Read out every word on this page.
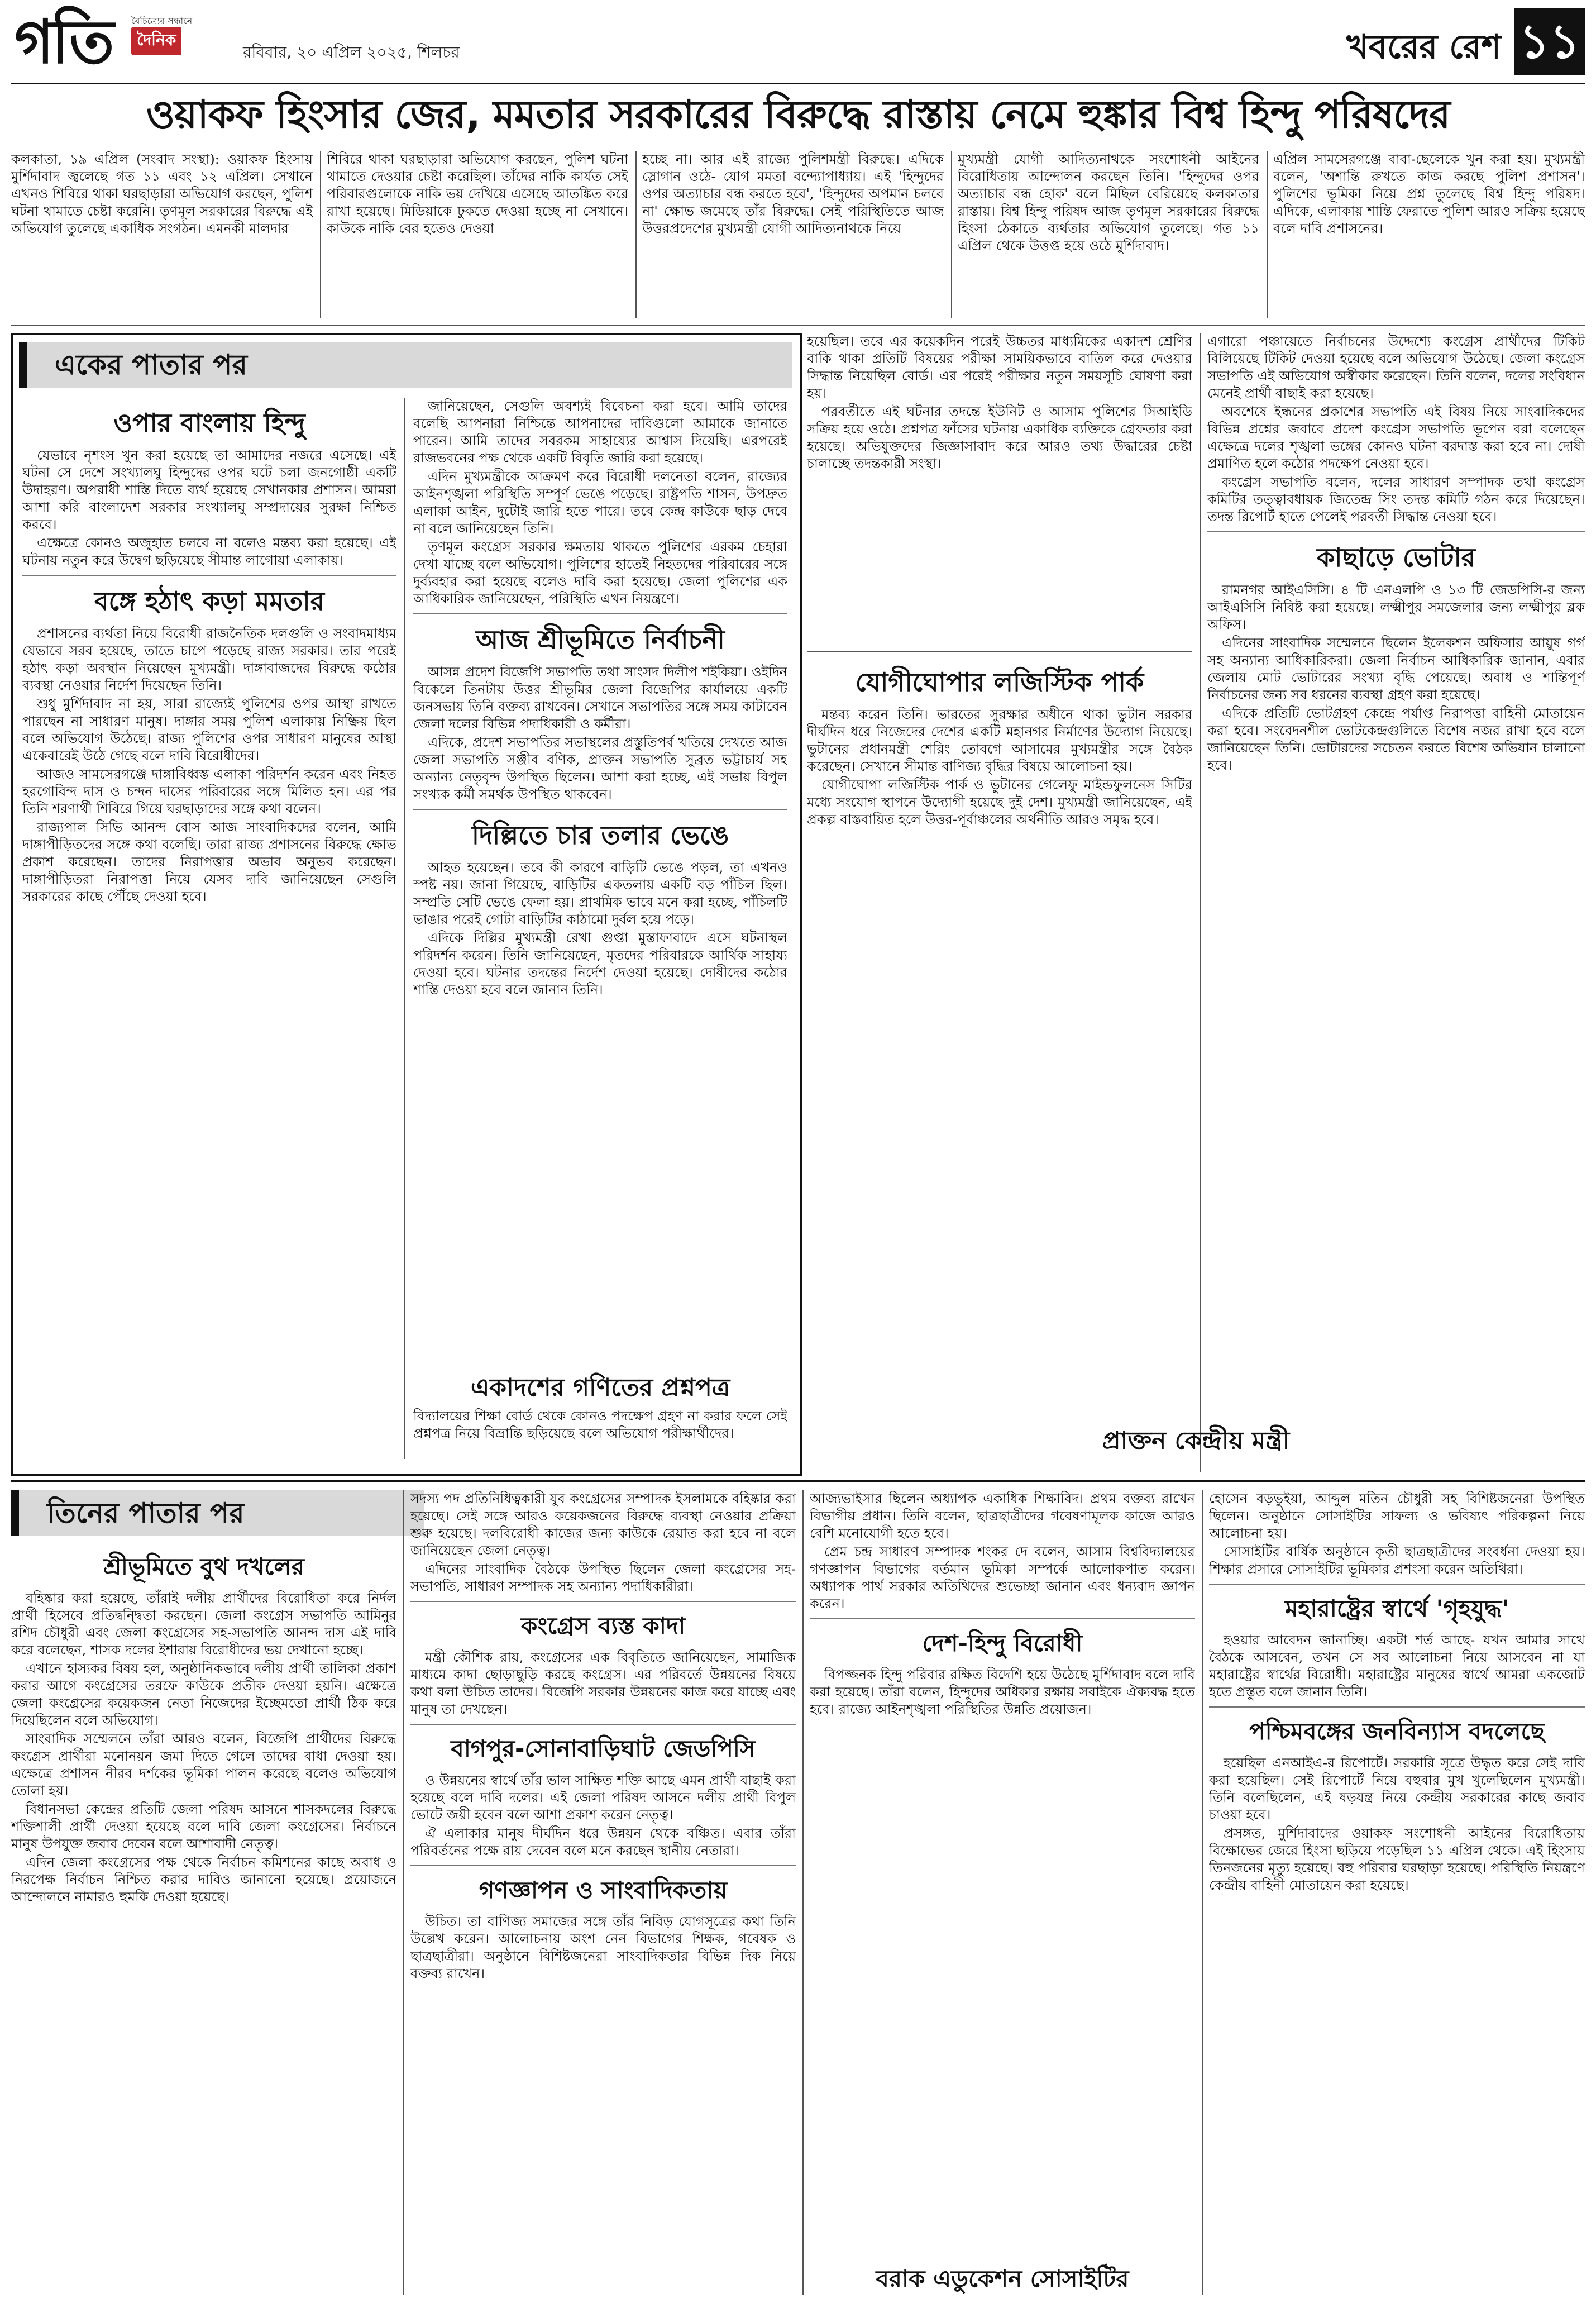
গতি বৈচিত্র্যের সন্ধানে
দৈনিক
রবিবার, ২০ এপ্রিল ২০২৫, শিলচর	খবরের রেশ ১১
ওয়াকফ হিংসার জের, মমতার সরকারের বিরুদ্ধে রাস্তায় নেমে হুঙ্কার বিশ্ব হিন্দু পরিষদের

কলকাতা, ১৯ এপ্রিল (সংবাদ সংস্থা): ওয়াকফ হিংসায় মুর্শিদাবাদ জ্বলেছে গত ১১ এবং ১২ এপ্রিল। সেখানে এখনও শিবিরে থাকা ঘরছাড়ারা অভিযোগ করছেন, পুলিশ ঘটনা থামাতে চেষ্টা করেনি। তৃণমূল সরকারের বিরুদ্ধে এই অভিযোগ তুলেছে একাধিক সংগঠন। এমনকী মালদার

শিবিরে থাকা ঘরছাড়ারা অভিযোগ করছেন, পুলিশ ঘটনা থামাতে দেওয়ার চেষ্টা করেছিল। তাঁদের নাকি কার্যত সেই পরিবারগুলোকে নাকি ভয় দেখিয়ে এসেছে আতঙ্কিত করে রাখা হয়েছে। মিডিয়াকে ঢুকতে দেওয়া হচ্ছে না সেখানে। কাউকে নাকি বের হতেও দেওয়া

হচ্ছে না। আর এই রাজ্যে পুলিশমন্ত্রী বিরুদ্ধে। এদিকে স্লোগান ওঠে- যোগ মমতা বন্দ্যোপাধ্যায়। এই 'হিন্দুদের ওপর অত্যাচার বন্ধ করতে হবে', 'হিন্দুদের অপমান চলবে না' ক্ষোভ জমেছে তাঁর বিরুদ্ধে। সেই পরিস্থিতিতে আজ উত্তরপ্রদেশের মুখ্যমন্ত্রী যোগী আদিত্যনাথকে নিয়ে

মুখ্যমন্ত্রী যোগী আদিত্যনাথকে সংশোধনী আইনের বিরোধিতায় আন্দোলন করছেন তিনি। 'হিন্দুদের ওপর অত্যাচার বন্ধ হোক' বলে মিছিল বেরিয়েছে কলকাতার রাস্তায়। বিশ্ব হিন্দু পরিষদ আজ তৃণমূল সরকারের বিরুদ্ধে হিংসা ঠেকাতে ব্যর্থতার অভিযোগ তুলেছে। গত ১১ এপ্রিল থেকে উত্তপ্ত হয়ে ওঠে মুর্শিদাবাদ।

এপ্রিল সামসেরগঞ্জে বাবা-ছেলেকে খুন করা হয়। মুখ্যমন্ত্রী বলেন, 'অশান্তি রুখতে কাজ করছে পুলিশ প্রশাসন'। পুলিশের ভূমিকা নিয়ে প্রশ্ন তুলেছে বিশ্ব হিন্দু পরিষদ। এদিকে, এলাকায় শান্তি ফেরাতে পুলিশ আরও সক্রিয় হয়েছে বলে দাবি প্রশাসনের।

একের পাতার পর
ওপার বাংলায় হিন্দু

যেভাবে নৃশংস খুন করা হয়েছে তা আমাদের নজরে এসেছে। এই ঘটনা সে দেশে সংখ্যালঘু হিন্দুদের ওপর ঘটে চলা জনগোষ্ঠী একটি উদাহরণ। অপরাধী শাস্তি দিতে ব্যর্থ হয়েছে সেখানকার প্রশাসন। আমরা আশা করি বাংলাদেশ সরকার সংখ্যালঘু সম্প্রদায়ের সুরক্ষা নিশ্চিত করবে।

এক্ষেত্রে কোনও অজুহাত চলবে না বলেও মন্তব্য করা হয়েছে। এই ঘটনায় নতুন করে উদ্বেগ ছড়িয়েছে সীমান্ত লাগোয়া এলাকায়।

বঙ্গে হঠাৎ কড়া মমতার

প্রশাসনের ব্যর্থতা নিয়ে বিরোধী রাজনৈতিক দলগুলি ও সংবাদমাধ্যম যেভাবে সরব হয়েছে, তাতে চাপে পড়েছে রাজ্য সরকার। তার পরেই হঠাৎ কড়া অবস্থান নিয়েছেন মুখ্যমন্ত্রী। দাঙ্গাবাজদের বিরুদ্ধে কঠোর ব্যবস্থা নেওয়ার নির্দেশ দিয়েছেন তিনি।

শুধু মুর্শিদাবাদ না হয়, সারা রাজ্যেই পুলিশের ওপর আস্থা রাখতে পারছেন না সাধারণ মানুষ। দাঙ্গার সময় পুলিশ এলাকায় নিষ্ক্রিয় ছিল বলে অভিযোগ উঠেছে। রাজ্য পুলিশের ওপর সাধারণ মানুষের আস্থা একেবারেই উঠে গেছে বলে দাবি বিরোধীদের।

আজও সামসেরগঞ্জে দাঙ্গাবিধ্বস্ত এলাকা পরিদর্শন করেন এবং নিহত হরগোবিন্দ দাস ও চন্দন দাসের পরিবারের সঙ্গে মিলিত হন। এর পর তিনি শরণার্থী শিবিরে গিয়ে ঘরছাড়াদের সঙ্গে কথা বলেন।

রাজ্যপাল সিভি আনন্দ বোস আজ সাংবাদিকদের বলেন, আমি দাঙ্গাপীড়িতদের সঙ্গে কথা বলেছি। তারা রাজ্য প্রশাসনের বিরুদ্ধে ক্ষোভ প্রকাশ করেছেন। তাদের নিরাপত্তার অভাব অনুভব করেছেন। দাঙ্গাপীড়িতরা নিরাপত্তা নিয়ে যেসব দাবি জানিয়েছেন সেগুলি সরকারের কাছে পৌঁছে দেওয়া হবে।

জানিয়েছেন, সেগুলি অবশ্যই বিবেচনা করা হবে। আমি তাদের বলেছি আপনারা নিশ্চিন্তে আপনাদের দাবিগুলো আমাকে জানাতে পারেন। আমি তাদের সবরকম সাহায্যের আশ্বাস দিয়েছি। এরপরেই রাজভবনের পক্ষ থেকে একটি বিবৃতি জারি করা হয়েছে।

এদিন মুখ্যমন্ত্রীকে আক্রমণ করে বিরোধী দলনেতা বলেন, রাজ্যের আইনশৃঙ্খলা পরিস্থিতি সম্পূর্ণ ভেঙে পড়েছে। রাষ্ট্রপতি শাসন, উপদ্রুত এলাকা আইন, দুটোই জারি হতে পারে। তবে কেন্দ্র কাউকে ছাড় দেবে না বলে জানিয়েছেন তিনি।

তৃণমূল কংগ্রেস সরকার ক্ষমতায় থাকতে পুলিশের এরকম চেহারা দেখা যাচ্ছে বলে অভিযোগ। পুলিশের হাতেই নিহতদের পরিবারের সঙ্গে দুর্ব্যবহার করা হয়েছে বলেও দাবি করা হয়েছে। জেলা পুলিশের এক আধিকারিক জানিয়েছেন, পরিস্থিতি এখন নিয়ন্ত্রণে।

আজ শ্রীভূমিতে নির্বাচনী

আসন্ন প্রদেশ বিজেপি সভাপতি তথা সাংসদ দিলীপ শইকিয়া। ওইদিন বিকেলে তিনটায় উত্তর শ্রীভূমির জেলা বিজেপির কার্যালয়ে একটি জনসভায় তিনি বক্তব্য রাখবেন। সেখানে সভাপতির সঙ্গে সময় কাটাবেন জেলা দলের বিভিন্ন পদাধিকারী ও কর্মীরা।

এদিকে, প্রদেশ সভাপতির সভাস্থলের প্রস্তুতিপর্ব খতিয়ে দেখতে আজ জেলা সভাপতি সঞ্জীব বণিক, প্রাক্তন সভাপতি সুব্রত ভট্টাচার্য সহ অন্যান্য নেতৃবৃন্দ উপস্থিত ছিলেন। আশা করা হচ্ছে, এই সভায় বিপুল সংখ্যক কর্মী সমর্থক উপস্থিত থাকবেন।

দিল্লিতে চার তলার ভেঙে

আহত হয়েছেন। তবে কী কারণে বাড়িটি ভেঙে পড়ল, তা এখনও স্পষ্ট নয়। জানা গিয়েছে, বাড়িটির একতলায় একটি বড় পাঁচিল ছিল। সম্প্রতি সেটি ভেঙে ফেলা হয়। প্রাথমিক ভাবে মনে করা হচ্ছে, পাঁচিলটি ভাঙার পরেই গোটা বাড়িটির কাঠামো দুর্বল হয়ে পড়ে।

এদিকে দিল্লির মুখ্যমন্ত্রী রেখা গুপ্তা মুস্তাফাবাদে এসে ঘটনাস্থল পরিদর্শন করেন। তিনি জানিয়েছেন, মৃতদের পরিবারকে আর্থিক সাহায্য দেওয়া হবে। ঘটনার তদন্তের নির্দেশ দেওয়া হয়েছে। দোষীদের কঠোর শাস্তি দেওয়া হবে বলে জানান তিনি।

একাদশের গণিতের প্রশ্নপত্র

বিদ্যালয়ের শিক্ষা বোর্ড থেকে কোনও পদক্ষেপ গ্রহণ না করার ফলে সেই প্রশ্নপত্র নিয়ে বিভ্রান্তি ছড়িয়েছে বলে অভিযোগ পরীক্ষার্থীদের।

হয়েছিল। তবে এর কয়েকদিন পরেই উচ্চতর মাধ্যমিকের একাদশ শ্রেণির বাকি থাকা প্রতিটি বিষয়ের পরীক্ষা সাময়িকভাবে বাতিল করে দেওয়ার সিদ্ধান্ত নিয়েছিল বোর্ড। এর পরেই পরীক্ষার নতুন সময়সূচি ঘোষণা করা হয়।

পরবর্তীতে এই ঘটনার তদন্তে ইউনিট ও আসাম পুলিশের সিআইডি সক্রিয় হয়ে ওঠে। প্রশ্নপত্র ফাঁসের ঘটনায় একাধিক ব্যক্তিকে গ্রেফতার করা হয়েছে। অভিযুক্তদের জিজ্ঞাসাবাদ করে আরও তথ্য উদ্ধারের চেষ্টা চালাচ্ছে তদন্তকারী সংস্থা।

যোগীঘোপার লজিস্টিক পার্ক

মন্তব্য করেন তিনি। ভারতের সুরক্ষার অধীনে থাকা ভুটান সরকার দীর্ঘদিন ধরে নিজেদের দেশের একটি মহানগর নির্মাণের উদ্যোগ নিয়েছে। ভুটানের প্রধানমন্ত্রী শেরিং তোবগে আসামের মুখ্যমন্ত্রীর সঙ্গে বৈঠক করেছেন। সেখানে সীমান্ত বাণিজ্য বৃদ্ধির বিষয়ে আলোচনা হয়।

যোগীঘোপা লজিস্টিক পার্ক ও ভুটানের গেলেফু মাইন্ডফুলনেস সিটির মধ্যে সংযোগ স্থাপনে উদ্যোগী হয়েছে দুই দেশ। মুখ্যমন্ত্রী জানিয়েছেন, এই প্রকল্প বাস্তবায়িত হলে উত্তর-পূর্বাঞ্চলের অর্থনীতি আরও সমৃদ্ধ হবে।

এগারো পঞ্চায়েতে নির্বাচনের উদ্দেশ্যে কংগ্রেস প্রার্থীদের টিকিট বিলিয়েছে টিকিট দেওয়া হয়েছে বলে অভিযোগ উঠেছে। জেলা কংগ্রেস সভাপতি এই অভিযোগ অস্বীকার করেছেন। তিনি বলেন, দলের সংবিধান মেনেই প্রার্থী বাছাই করা হয়েছে।

অবশেষে ইন্ধনের প্রকাশের সভাপতি এই বিষয় নিয়ে সাংবাদিকদের বিভিন্ন প্রশ্নের জবাবে প্রদেশ কংগ্রেস সভাপতি ভূপেন বরা বলেছেন এক্ষেত্রে দলের শৃঙ্খলা ভঙ্গের কোনও ঘটনা বরদাস্ত করা হবে না। দোষী প্রমাণিত হলে কঠোর পদক্ষেপ নেওয়া হবে।

কংগ্রেস সভাপতি বলেন, দলের সাধারণ সম্পাদক তথা কংগ্রেস কমিটির তত্ত্বাবধায়ক জিতেন্দ্র সিং তদন্ত কমিটি গঠন করে দিয়েছেন। তদন্ত রিপোর্ট হাতে পেলেই পরবর্তী সিদ্ধান্ত নেওয়া হবে।

কাছাড়ে ভোটার

রামনগর আইএসিসি। ৪ টি এনএলপি ও ১৩ টি জেডপিসি-র জন্য আইএসিসি নিবিষ্ট করা হয়েছে। লক্ষ্মীপুর সমজেলার জন্য লক্ষ্মীপুর ব্লক অফিস।

এদিনের সাংবাদিক সম্মেলনে ছিলেন ইলেকশন অফিসার আয়ুষ গর্গ সহ অন্যান্য আধিকারিকরা। জেলা নির্বাচন আধিকারিক জানান, এবার জেলায় মোট ভোটারের সংখ্যা বৃদ্ধি পেয়েছে। অবাধ ও শান্তিপূর্ণ নির্বাচনের জন্য সব ধরনের ব্যবস্থা গ্রহণ করা হয়েছে।

এদিকে প্রতিটি ভোটগ্রহণ কেন্দ্রে পর্যাপ্ত নিরাপত্তা বাহিনী মোতায়েন করা হবে। সংবেদনশীল ভোটকেন্দ্রগুলিতে বিশেষ নজর রাখা হবে বলে জানিয়েছেন তিনি। ভোটারদের সচেতন করতে বিশেষ অভিযান চালানো হবে।

প্রাক্তন কেন্দ্রীয় মন্ত্রী
তিনের পাতার পর
শ্রীভূমিতে বুথ দখলের

বহিষ্কার করা হয়েছে, তাঁরাই দলীয় প্রার্থীদের বিরোধিতা করে নির্দল প্রার্থী হিসেবে প্রতিদ্বন্দ্বিতা করছেন। জেলা কংগ্রেস সভাপতি আমিনুর রশিদ চৌধুরী এবং জেলা কংগ্রেসের সহ-সভাপতি আনন্দ দাস এই দাবি করে বলেছেন, শাসক দলের ইশারায় বিরোধীদের ভয় দেখানো হচ্ছে।

এখানে হাস্যকর বিষয় হল, অনুষ্ঠানিকভাবে দলীয় প্রার্থী তালিকা প্রকাশ করার আগে কংগ্রেসের তরফে কাউকে প্রতীক দেওয়া হয়নি। এক্ষেত্রে জেলা কংগ্রেসের কয়েকজন নেতা নিজেদের ইচ্ছেমতো প্রার্থী ঠিক করে দিয়েছিলেন বলে অভিযোগ।

সাংবাদিক সম্মেলনে তাঁরা আরও বলেন, বিজেপি প্রার্থীদের বিরুদ্ধে কংগ্রেস প্রার্থীরা মনোনয়ন জমা দিতে গেলে তাদের বাধা দেওয়া হয়। এক্ষেত্রে প্রশাসন নীরব দর্শকের ভূমিকা পালন করেছে বলেও অভিযোগ তোলা হয়।

বিধানসভা কেন্দ্রের প্রতিটি জেলা পরিষদ আসনে শাসকদলের বিরুদ্ধে শক্তিশালী প্রার্থী দেওয়া হয়েছে বলে দাবি জেলা কংগ্রেসের। নির্বাচনে মানুষ উপযুক্ত জবাব দেবেন বলে আশাবাদী নেতৃত্ব।

এদিন জেলা কংগ্রেসের পক্ষ থেকে নির্বাচন কমিশনের কাছে অবাধ ও নিরপেক্ষ নির্বাচন নিশ্চিত করার দাবিও জানানো হয়েছে। প্রয়োজনে আন্দোলনে নামারও হুমকি দেওয়া হয়েছে।

সদস্য পদ প্রতিনিধিত্বকারী যুব কংগ্রেসের সম্পাদক ইসলামকে বহিষ্কার করা হয়েছে। সেই সঙ্গে আরও কয়েকজনের বিরুদ্ধে ব্যবস্থা নেওয়ার প্রক্রিয়া শুরু হয়েছে। দলবিরোধী কাজের জন্য কাউকে রেয়াত করা হবে না বলে জানিয়েছেন জেলা নেতৃত্ব।

এদিনের সাংবাদিক বৈঠকে উপস্থিত ছিলেন জেলা কংগ্রেসের সহ-সভাপতি, সাধারণ সম্পাদক সহ অন্যান্য পদাধিকারীরা।

কংগ্রেস ব্যস্ত কাদা

মন্ত্রী কৌশিক রায়, কংগ্রেসের এক বিবৃতিতে জানিয়েছেন, সামাজিক মাধ্যমে কাদা ছোড়াছুড়ি করছে কংগ্রেস। এর পরিবর্তে উন্নয়নের বিষয়ে কথা বলা উচিত তাদের। বিজেপি সরকার উন্নয়নের কাজ করে যাচ্ছে এবং মানুষ তা দেখছেন।

বাগপুর-সোনাবাড়িঘাট জেডপিসি

ও উন্নয়নের স্বার্থে তাঁর ভাল সাক্ষিত শক্তি আছে এমন প্রার্থী বাছাই করা হয়েছে বলে দাবি দলের। এই জেলা পরিষদ আসনে দলীয় প্রার্থী বিপুল ভোটে জয়ী হবেন বলে আশা প্রকাশ করেন নেতৃত্ব।

ঐ এলাকার মানুষ দীর্ঘদিন ধরে উন্নয়ন থেকে বঞ্চিত। এবার তাঁরা পরিবর্তনের পক্ষে রায় দেবেন বলে মনে করছেন স্থানীয় নেতারা।

গণজ্ঞাপন ও সাংবাদিকতায়

উচিত। তা বাণিজ্য সমাজের সঙ্গে তাঁর নিবিড় যোগসূত্রের কথা তিনি উল্লেখ করেন। আলোচনায় অংশ নেন বিভাগের শিক্ষক, গবেষক ও ছাত্রছাত্রীরা। অনুষ্ঠানে বিশিষ্টজনেরা সাংবাদিকতার বিভিন্ন দিক নিয়ে বক্তব্য রাখেন।

আজ্যভাইসার ছিলেন অধ্যাপক একাধিক শিক্ষাবিদ। প্রথম বক্তব্য রাখেন বিভাগীয় প্রধান। তিনি বলেন, ছাত্রছাত্রীদের গবেষণামূলক কাজে আরও বেশি মনোযোগী হতে হবে।

প্রেম চন্দ্র সাধারণ সম্পাদক শংকর দে বলেন, আসাম বিশ্ববিদ্যালয়ের গণজ্ঞাপন বিভাগের বর্তমান ভূমিকা সম্পর্কে আলোকপাত করেন। অধ্যাপক পার্থ সরকার অতিথিদের শুভেচ্ছা জানান এবং ধন্যবাদ জ্ঞাপন করেন।

দেশ-হিন্দু বিরোধী

বিপজ্জনক হিন্দু পরিবার রক্ষিত বিদেশি হয়ে উঠেছে মুর্শিদাবাদ বলে দাবি করা হয়েছে। তাঁরা বলেন, হিন্দুদের অধিকার রক্ষায় সবাইকে ঐক্যবদ্ধ হতে হবে। রাজ্যে আইনশৃঙ্খলা পরিস্থিতির উন্নতি প্রয়োজন।

বরাক এডুকেশন সোসাইটির

হোসেন বড়ভুইয়া, আব্দুল মতিন চৌধুরী সহ বিশিষ্টজনেরা উপস্থিত ছিলেন। অনুষ্ঠানে সোসাইটির সাফল্য ও ভবিষ্যৎ পরিকল্পনা নিয়ে আলোচনা হয়।

সোসাইটির বার্ষিক অনুষ্ঠানে কৃতী ছাত্রছাত্রীদের সংবর্ধনা দেওয়া হয়। শিক্ষার প্রসারে সোসাইটির ভূমিকার প্রশংসা করেন অতিথিরা।

মহারাষ্ট্রের স্বার্থে 'গৃহযুদ্ধ'

হওয়ার আবেদন জানাচ্ছি। একটা শর্ত আছে- যখন আমার সাথে বৈঠকে আসবেন, তখন সে সব আলোচনা নিয়ে আসবেন না যা মহারাষ্ট্রের স্বার্থের বিরোধী। মহারাষ্ট্রের মানুষের স্বার্থে আমরা একজোট হতে প্রস্তুত বলে জানান তিনি।

পশ্চিমবঙ্গের জনবিন্যাস বদলেছে

হয়েছিল এনআইএ-র রিপোর্টে। সরকারি সূত্রে উদ্ধৃত করে সেই দাবি করা হয়েছিল। সেই রিপোর্টে নিয়ে বহুবার মুখ খুলেছিলেন মুখ্যমন্ত্রী। তিনি বলেছিলেন, এই ষড়যন্ত্র নিয়ে কেন্দ্রীয় সরকারের কাছে জবাব চাওয়া হবে।

প্রসঙ্গত, মুর্শিদাবাদের ওয়াকফ সংশোধনী আইনের বিরোধিতায় বিক্ষোভের জেরে হিংসা ছড়িয়ে পড়েছিল ১১ এপ্রিল থেকে। এই হিংসায় তিনজনের মৃত্যু হয়েছে। বহু পরিবার ঘরছাড়া হয়েছে। পরিস্থিতি নিয়ন্ত্রণে কেন্দ্রীয় বাহিনী মোতায়েন করা হয়েছে।
